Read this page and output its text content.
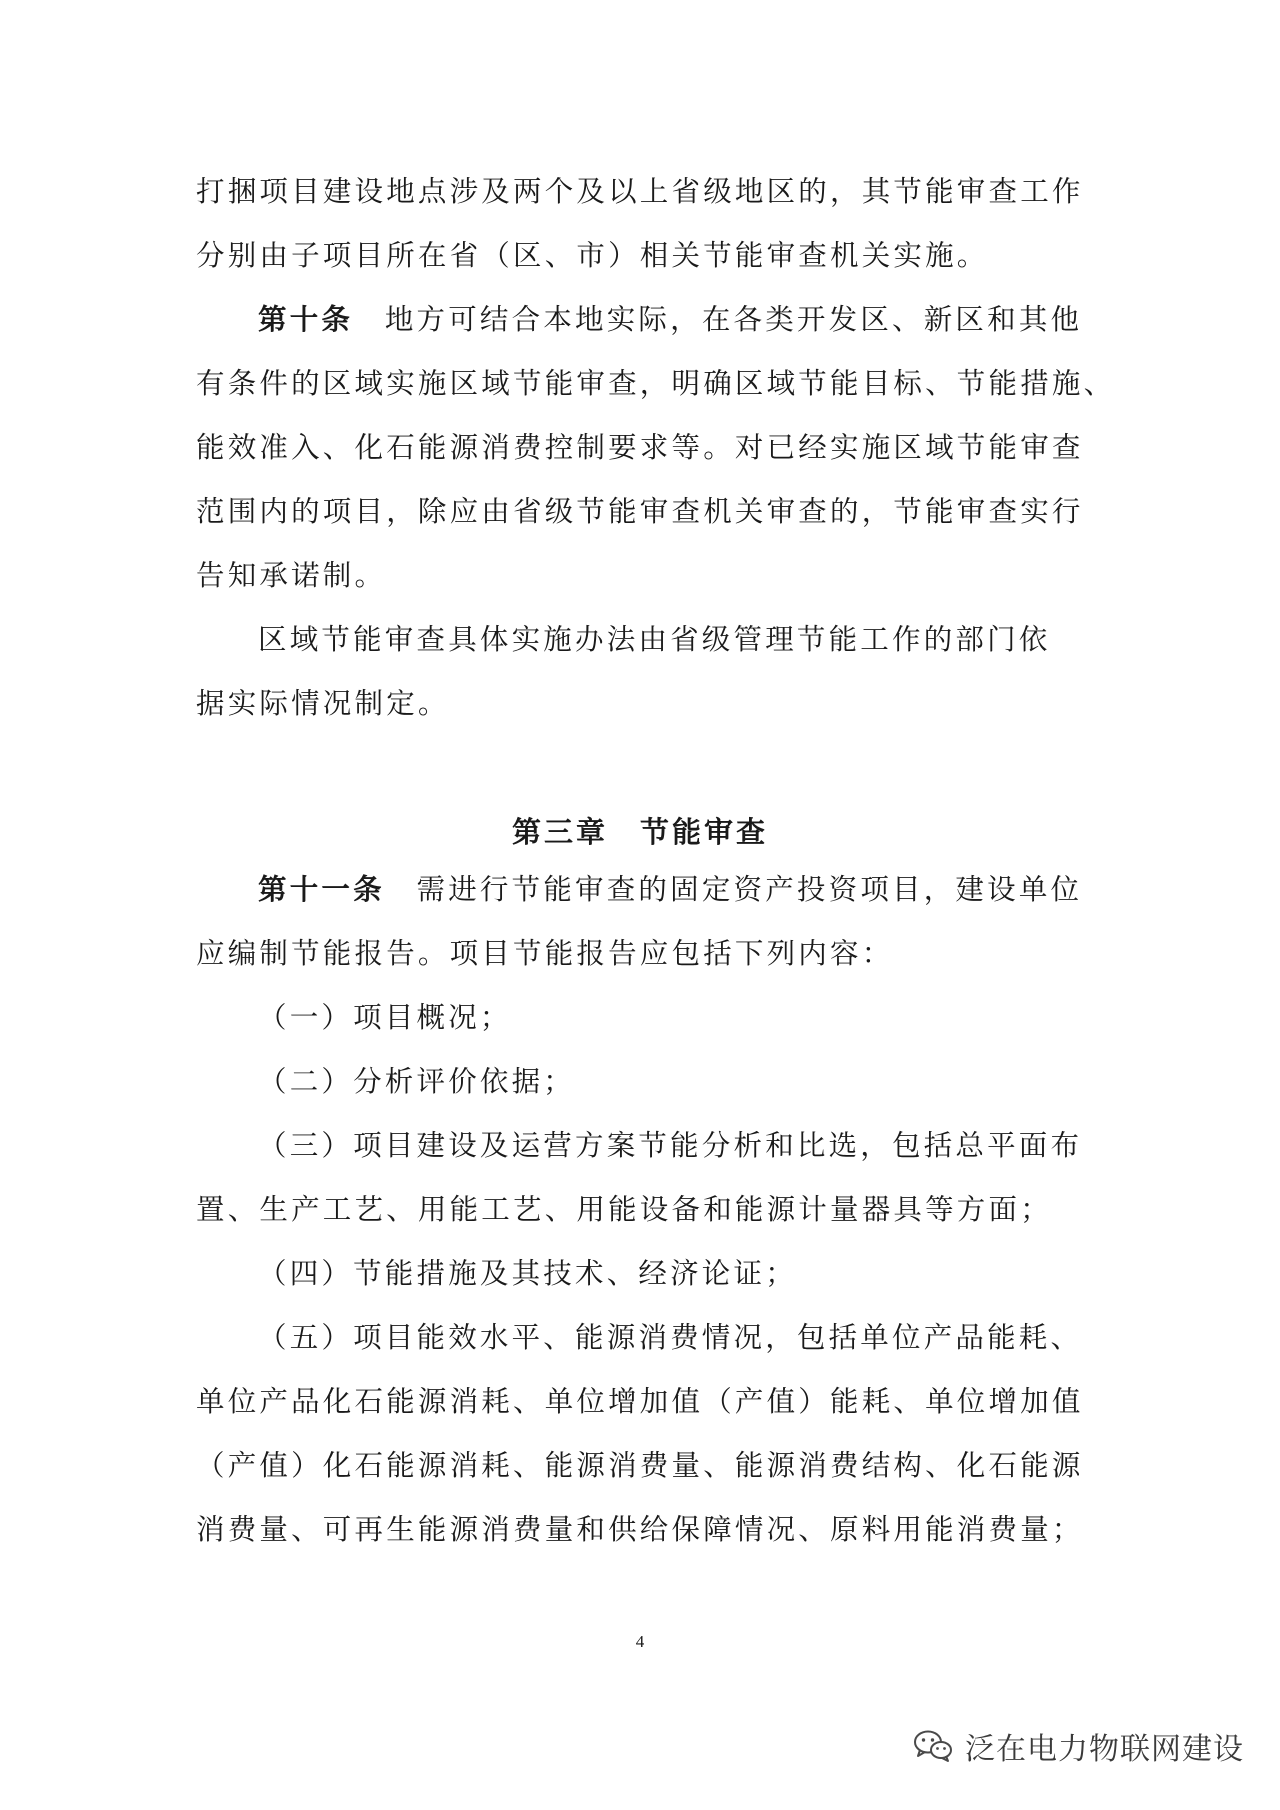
打捆项目建设地点涉及两个及以上省级地区的，其节能审查工作
分别由子项目所在省（区、市）相关节能审查机关实施。
第十条　 地方可结合本地实际，在各类开发区、新区和其他
有条件的区域实施区域节能审查，明确区域节能目标、节能措施、
能效准入、化石能源消费控制要求等。对已经实施区域节能审查
范围内的项目，除应由省级节能审查机关审查的，节能审查实行
告知承诺制。
区域节能审查具体实施办法由省级管理节能工作的部门依
据实际情况制定。
第十一条　 需进行节能审查的固定资产投资项目，建设单位
应编制节能报告。项目节能报告应包括下列内容：
（一）项目概况；
（二）分析评价依据；
（三）项目建设及运营方案节能分析和比选，包括总平面布
置、生产工艺、用能工艺、用能设备和能源计量器具等方面；
（四）节能措施及其技术、经济论证；
（五）项目能效水平、能源消费情况，包括单位产品能耗、
单位产品化石能源消耗、单位增加值（产值）能耗、单位增加值
（产值）化石能源消耗、能源消费量、能源消费结构、化石能源
消费量、可再生能源消费量和供给保障情况、原料用能消费量；
第三章　节能审查
4
泛在电力物联网建设
